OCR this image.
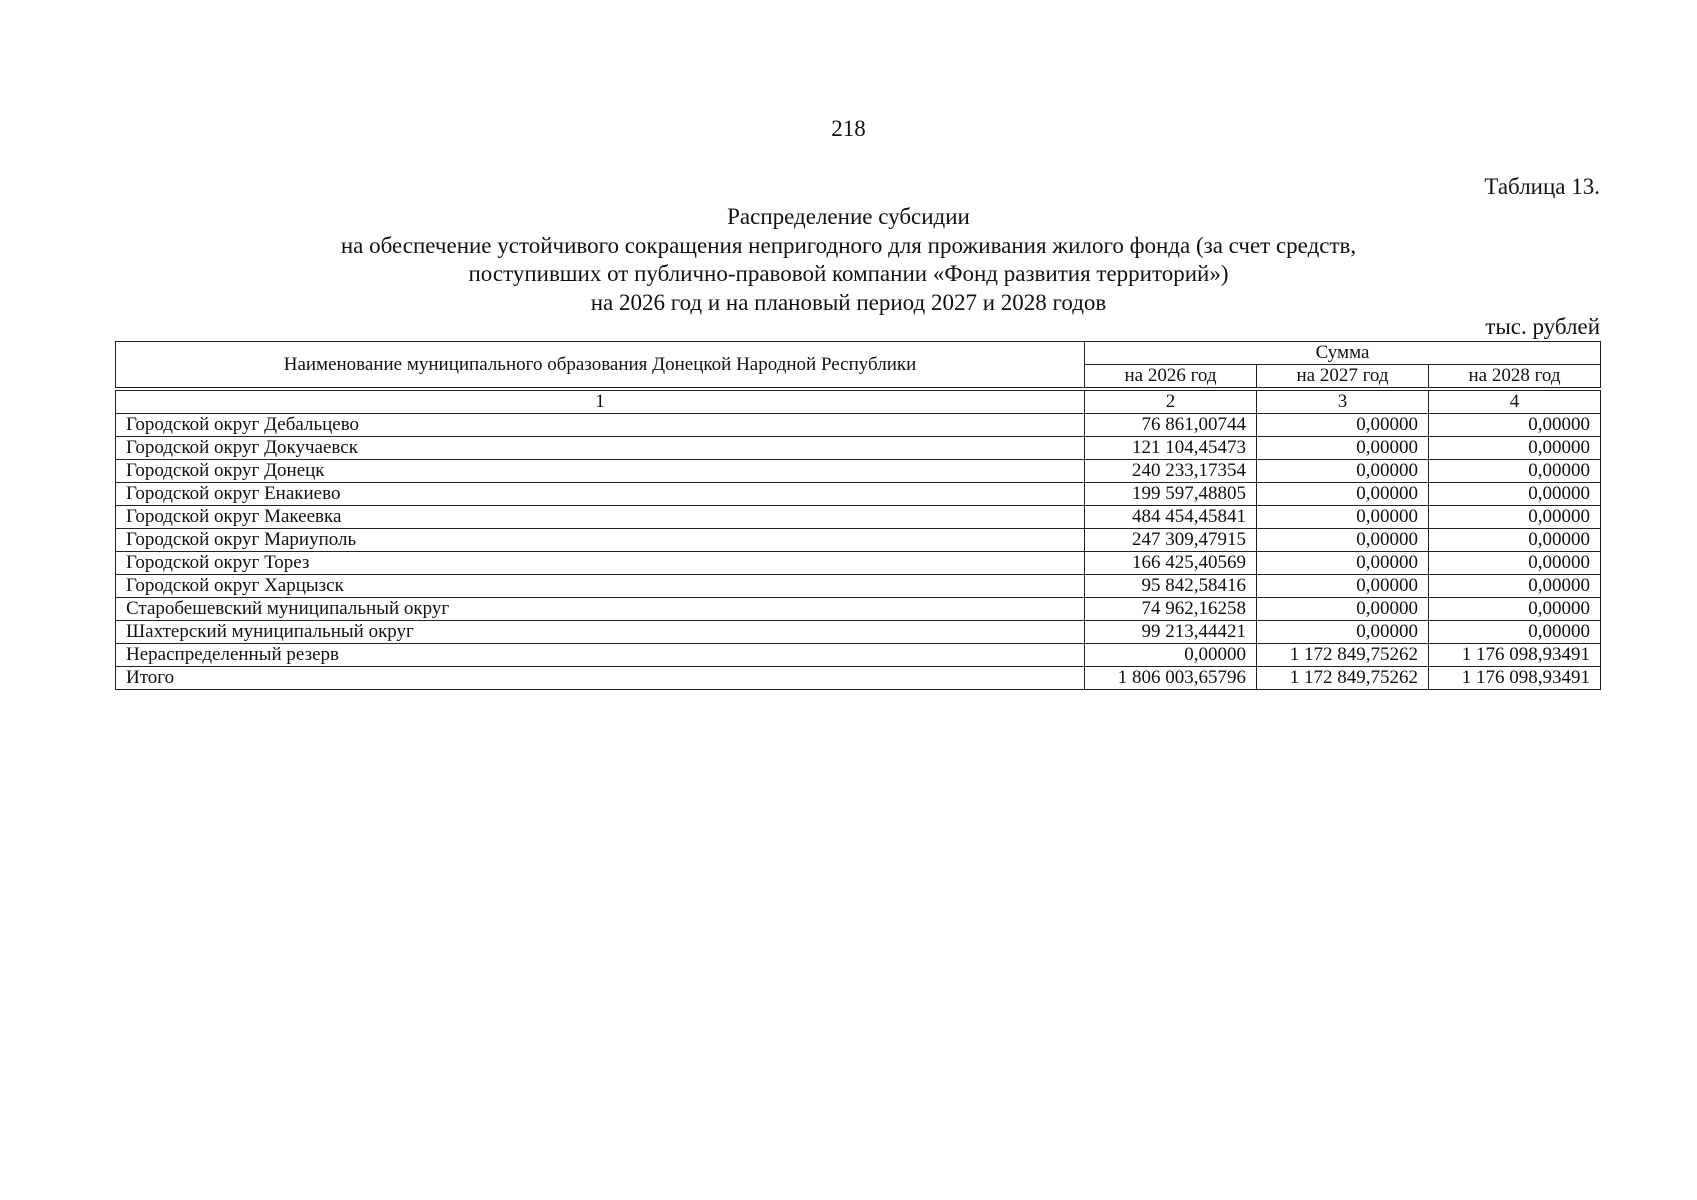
218
Таблица 13.
Распределение субсидии
на обеспечение устойчивого сокращения непригодного для проживания жилого фонда (за счет средств,
поступивших от публично-правовой компании «Фонд развития территорий»)
на 2026 год и на плановый период 2027 и 2028 годов
тыс. рублей
Наименование муниципального образования Донецкой Народной Республики	Сумма		
	на 2026 год	на 2027 год	на 2028 год

1	2	3	4
Городской округ Дебальцево	76 861,00744	0,00000	0,00000
Городской округ Докучаевск	121 104,45473	0,00000	0,00000
Городской округ Донецк	240 233,17354	0,00000	0,00000
Городской округ Енакиево	199 597,48805	0,00000	0,00000
Городской округ Макеевка	484 454,45841	0,00000	0,00000
Городской округ Мариуполь	247 309,47915	0,00000	0,00000
Городской округ Торез	166 425,40569	0,00000	0,00000
Городской округ Харцызск	95 842,58416	0,00000	0,00000
Старобешевский муниципальный округ	74 962,16258	0,00000	0,00000
Шахтерский муниципальный округ	99 213,44421	0,00000	0,00000
Нераспределенный резерв	0,00000	1 172 849,75262	1 176 098,93491
Итого	1 806 003,65796	1 172 849,75262	1 176 098,93491
